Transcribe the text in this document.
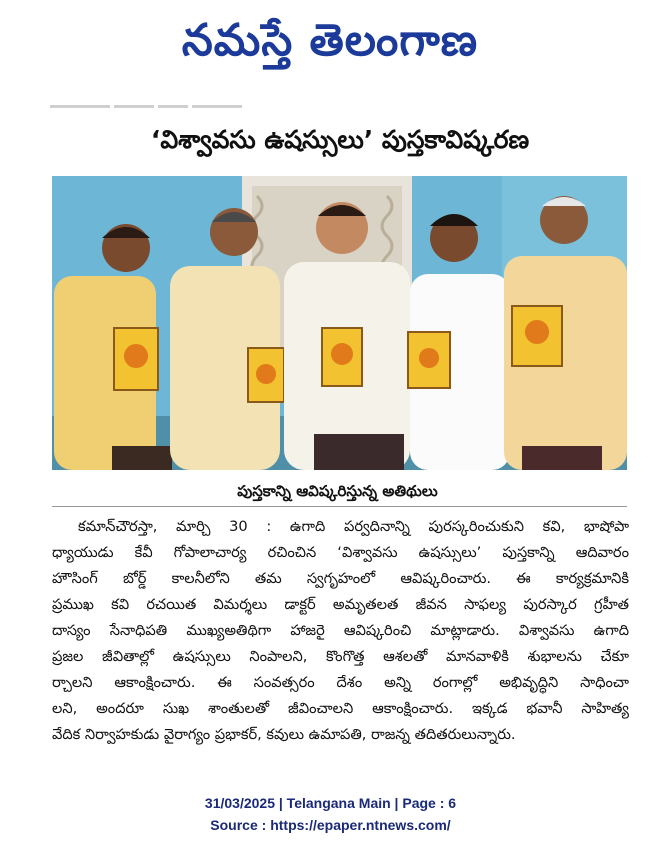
నమస్తే తెలంగాణ
‘విశ్వావసు ఉషస్సులు’ పుస్తకావిష్కరణ
పుస్తకాన్ని ఆవిష్కరిస్తున్న అతిథులు
కమాన్‌చౌరస్తా, మార్చి 30 : ఉగాది పర్వదినాన్ని పురస్కరించుకుని కవి, భాషోపా
ధ్యాయుడు కేవీ గోపాలాచార్య రచించిన ‘విశ్వావసు ఉషస్సులు’ పుస్తకాన్ని ఆదివారం
హౌసింగ్ బోర్డ్ కాలనీలోని తమ స్వగృహంలో ఆవిష్కరించారు. ఈ కార్యక్రమానికి
ప్రముఖ కవి రచయిత విమర్శలు డాక్టర్ అమృతలత జీవన సాఫల్య పురస్కార గ్రహీత
దాస్యం సేనాధిపతి ముఖ్యఅతిథిగా హాజరై ఆవిష్కరించి మాట్లాడారు. విశ్వావసు ఉగాది
ప్రజల జీవితాల్లో ఉషస్సులు నింపాలని, కొంగొత్త ఆశలతో మానవాళికి శుభాలను చేకూ
ర్చాలని ఆకాంక్షించారు. ఈ సంవత్సరం దేశం అన్ని రంగాల్లో అభివృద్ధిని సాధించా
లని, అందరూ సుఖ శాంతులతో జీవించాలని ఆకాంక్షించారు. ఇక్కడ భవానీ సాహిత్య
వేదిక నిర్వాహకుడు వైరాగ్యం ప్రభాకర్, కవులు ఉమాపతి, రాజన్న తదితరులున్నారు.
31/03/2025 | Telangana Main | Page : 6
Source : https://epaper.ntnews.com/
